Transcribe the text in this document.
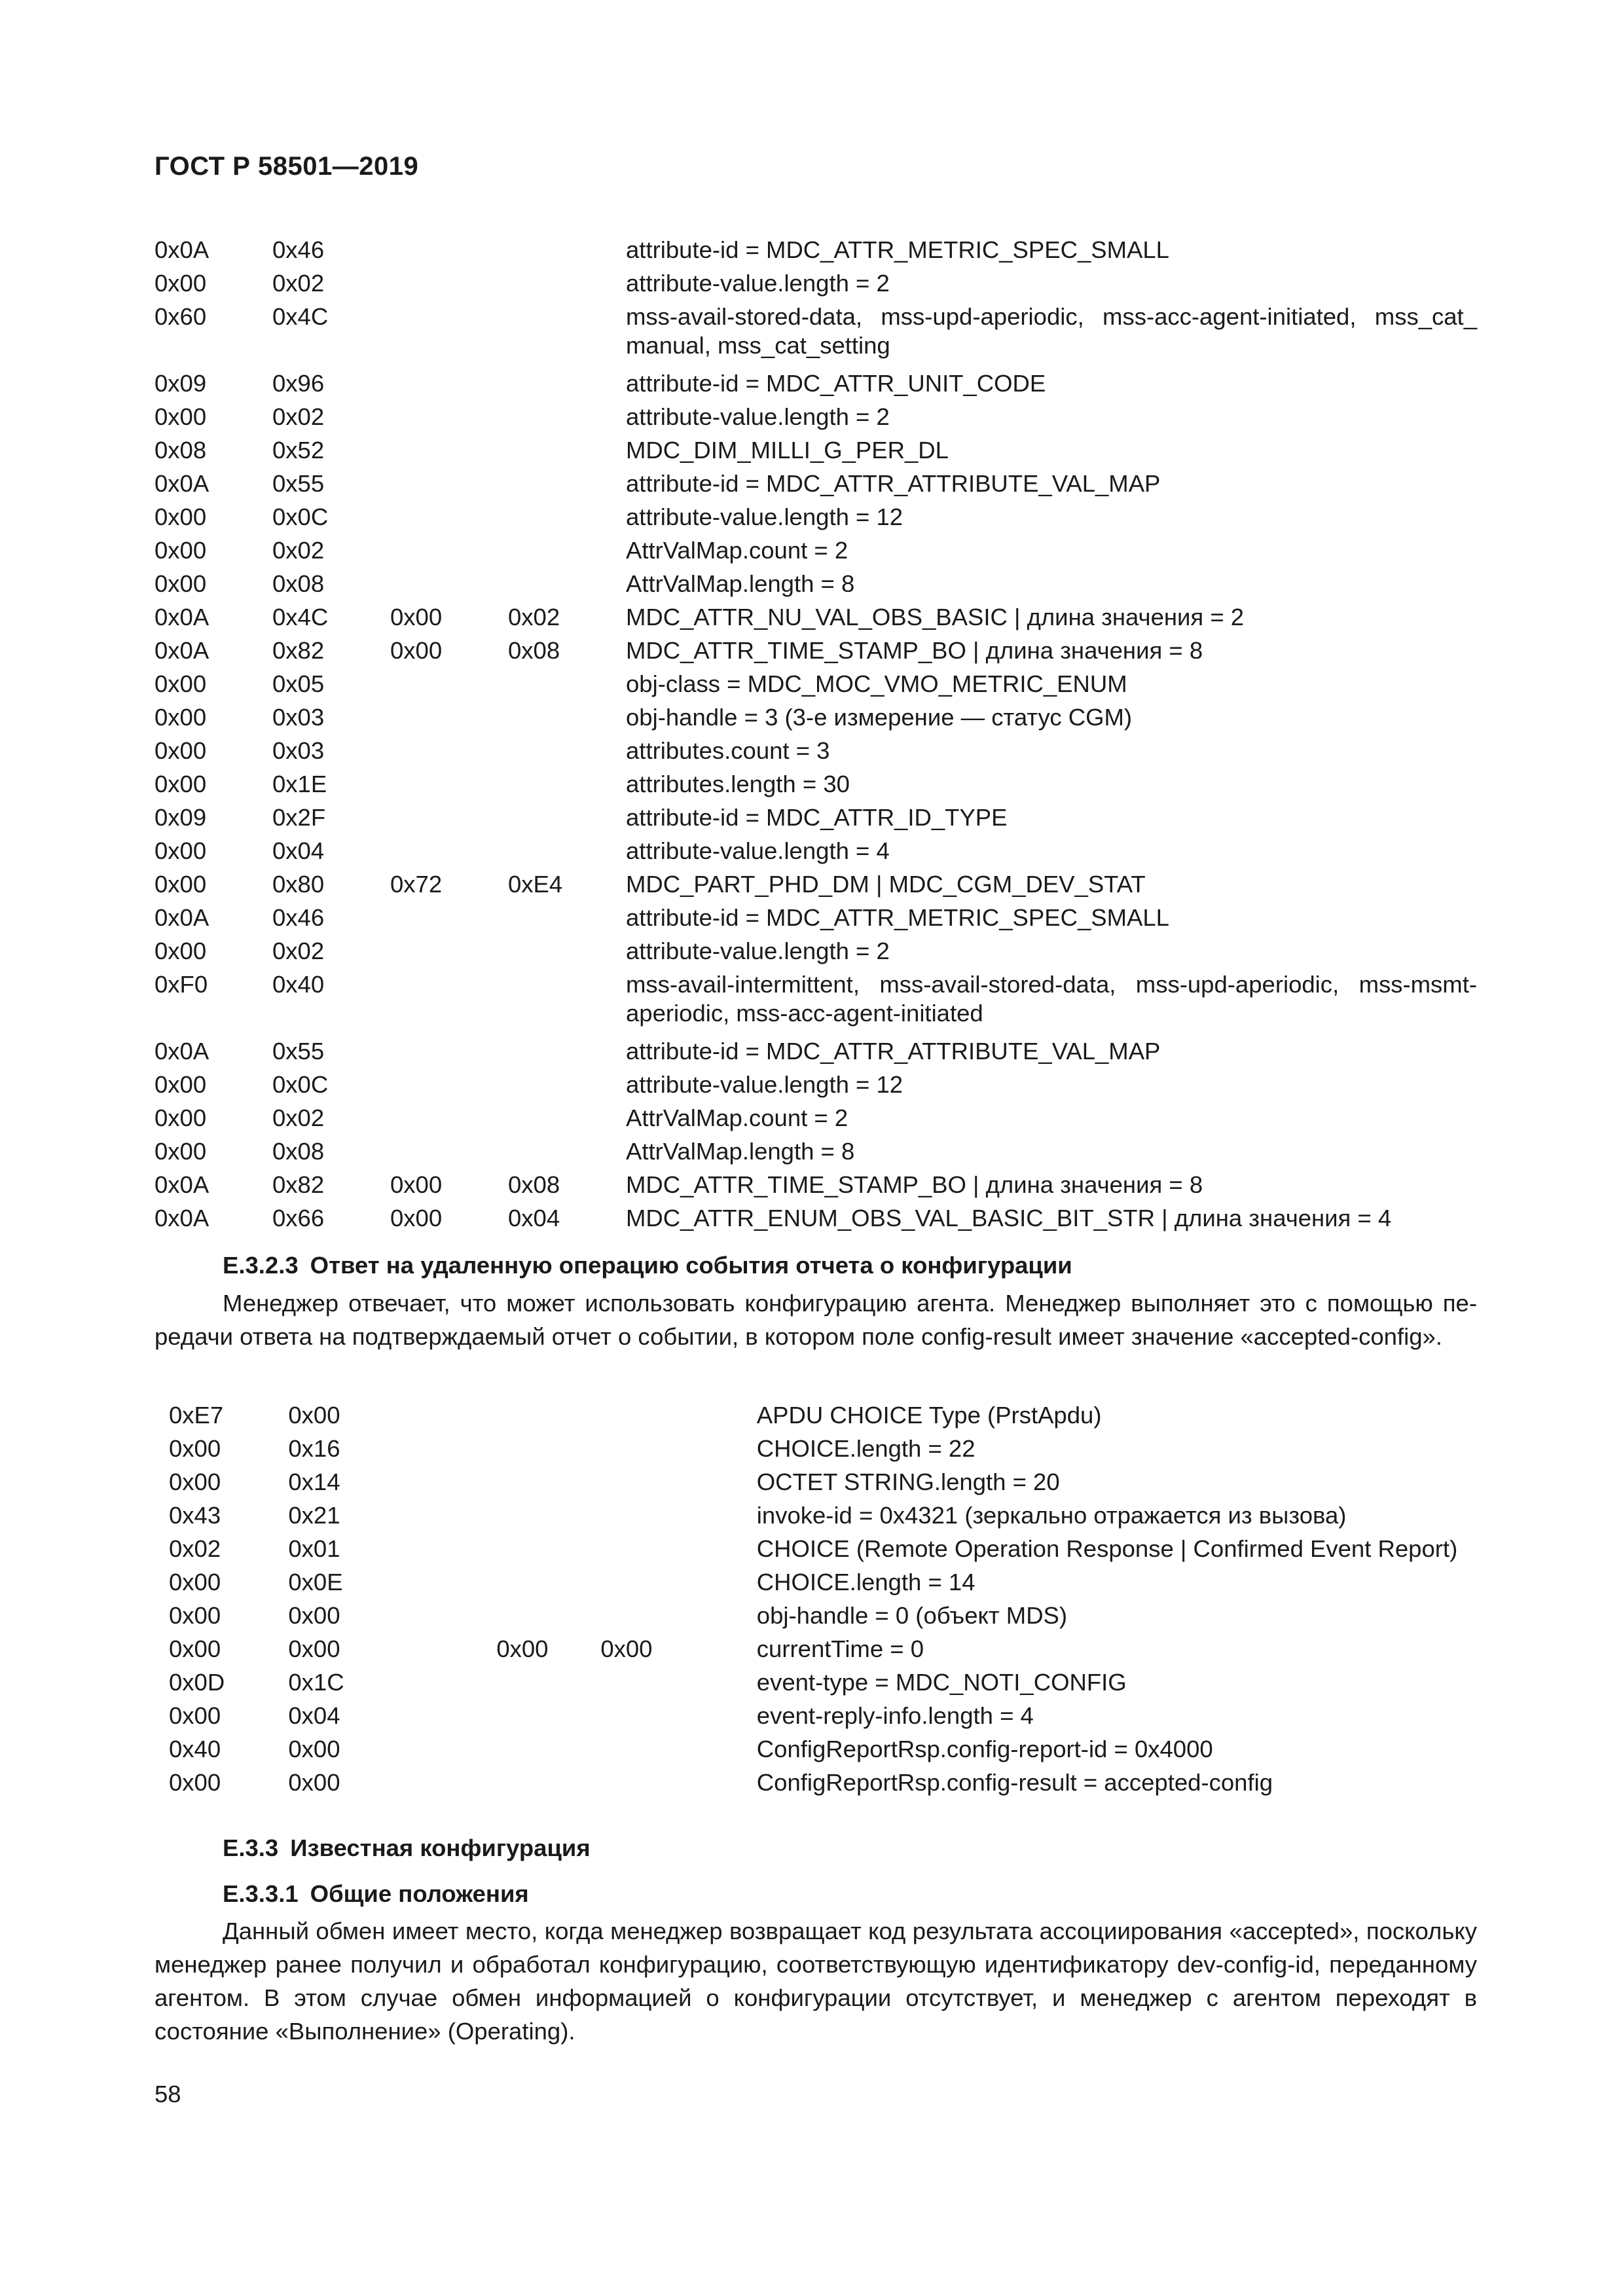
ГОСТ Р 58501—2019
0x0A	0x46	attribute-id = MDC_ATTR_METRIC_SPEC_SMALL
0x00	0x02	attribute-value.length = 2
0x60	0x4C	mss-avail-stored-data, mss-upd-aperiodic, mss-acc-agent-initiated, mss_cat_ manual, mss_cat_setting
0x09	0x96	attribute-id = MDC_ATTR_UNIT_CODE
0x00	0x02	attribute-value.length = 2
0x08	0x52	MDC_DIM_MILLI_G_PER_DL
0x0A	0x55	attribute-id = MDC_ATTR_ATTRIBUTE_VAL_MAP
0x00	0x0C	attribute-value.length = 12
0x00	0x02	AttrValMap.count = 2
0x00	0x08	AttrValMap.length = 8
0x0A	0x4C	0x00	0x02	MDC_ATTR_NU_VAL_OBS_BASIC | длина значения = 2
0x0A	0x82	0x00	0x08	MDC_ATTR_TIME_STAMP_BO | длина значения = 8
0x00	0x05	obj-class = MDC_MOC_VMO_METRIC_ENUM
0x00	0x03	obj-handle = 3 (3-е измерение — статус CGM)
0x00	0x03	attributes.count = 3
0x00	0x1E	attributes.length = 30
0x09	0x2F	attribute-id = MDC_ATTR_ID_TYPE
0x00	0x04	attribute-value.length = 4
0x00	0x80	0x72	0xE4	MDC_PART_PHD_DM | MDC_CGM_DEV_STAT
0x0A	0x46	attribute-id = MDC_ATTR_METRIC_SPEC_SMALL
0x00	0x02	attribute-value.length = 2
0xF0	0x40	mss-avail-intermittent, mss-avail-stored-data, mss-upd-aperiodic, mss-msmt-aperiodic, mss-acc-agent-initiated
0x0A	0x55	attribute-id = MDC_ATTR_ATTRIBUTE_VAL_MAP
0x00	0x0C	attribute-value.length = 12
0x00	0x02	AttrValMap.count = 2
0x00	0x08	AttrValMap.length = 8
0x0A	0x82	0x00	0x08	MDC_ATTR_TIME_STAMP_BO | длина значения = 8
0x0A	0x66	0x00	0x04	MDC_ATTR_ENUM_OBS_VAL_BASIC_BIT_STR | длина значения = 4
Е.3.2.3 Ответ на удаленную операцию события отчета о конфигурации
Менеджер отвечает, что может использовать конфигурацию агента. Менеджер выполняет это с помощью передачи ответа на подтверждаемый отчет о событии, в котором поле config-result имеет значение «accepted-config».
0xE7	0x00	APDU CHOICE Type (PrstApdu)
0x00	0x16	CHOICE.length = 22
0x00	0x14	OCTET STRING.length = 20
0x43	0x21	invoke-id = 0x4321 (зеркально отражается из вызова)
0x02	0x01	CHOICE (Remote Operation Response | Confirmed Event Report)
0x00	0x0E	CHOICE.length = 14
0x00	0x00	obj-handle = 0 (объект MDS)
0x00	0x00	0x00	0x00	currentTime = 0
0x0D	0x1C	event-type = MDC_NOTI_CONFIG
0x00	0x04	event-reply-info.length = 4
0x40	0x00	ConfigReportRsp.config-report-id = 0x4000
0x00	0x00	ConfigReportRsp.config-result = accepted-config
Е.3.3 Известная конфигурация
Е.3.3.1 Общие положения
Данный обмен имеет место, когда менеджер возвращает код результата ассоциирования «accepted», поскольку менеджер ранее получил и обработал конфигурацию, соответствующую идентификатору dev-config-id, переданному агентом. В этом случае обмен информацией о конфигурации отсутствует, и менеджер с агентом переходят в состояние «Выполнение» (Operating).
58
